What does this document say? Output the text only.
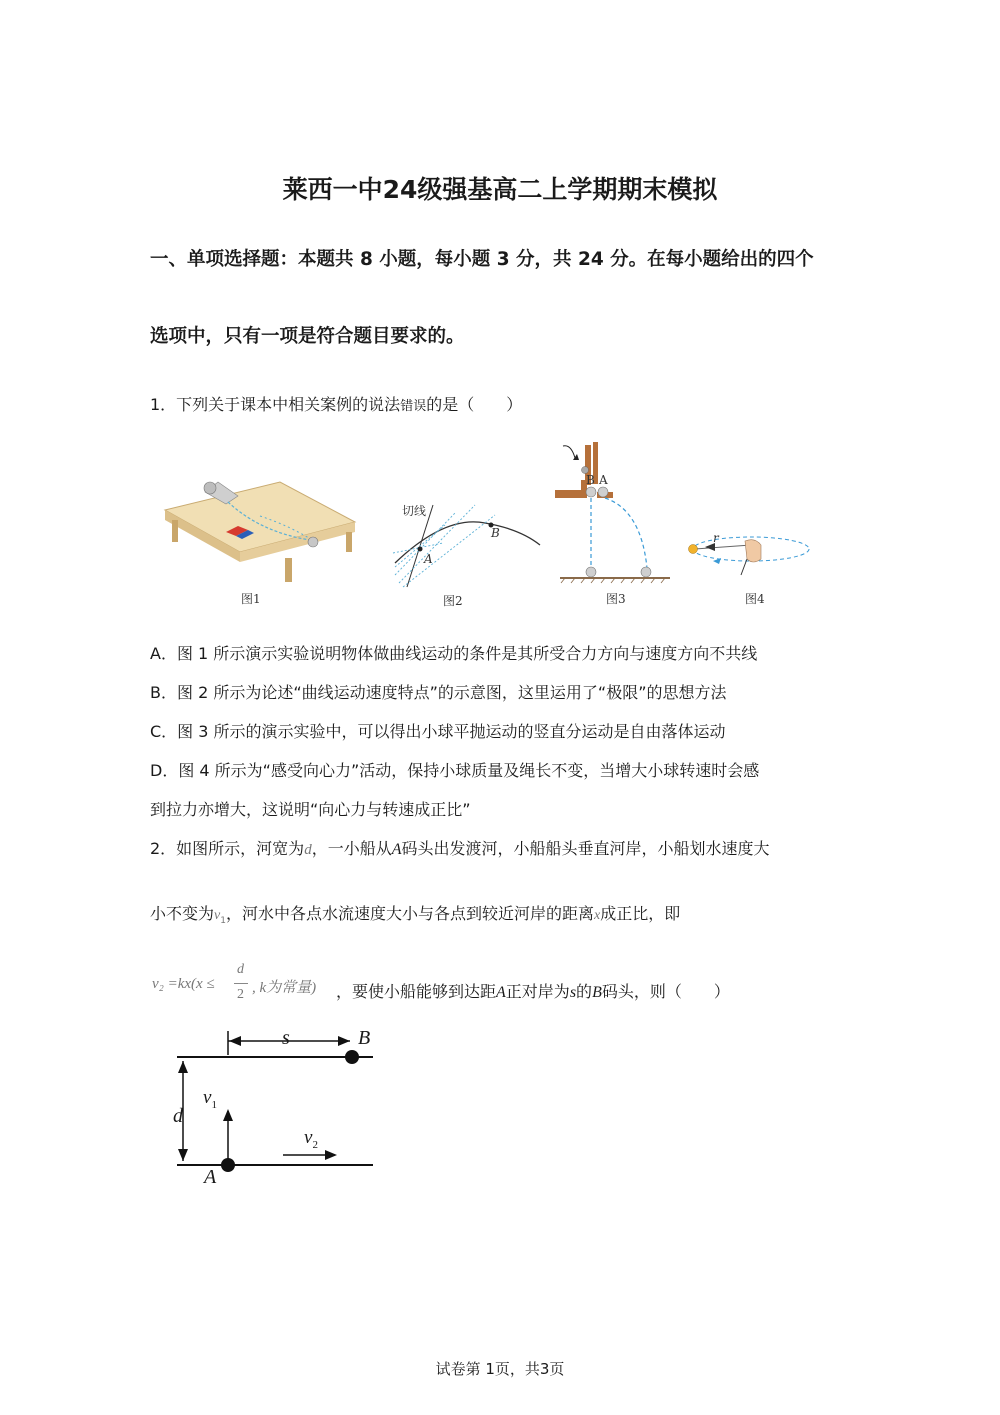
莱西一中24级强基高二上学期期末模拟
一、单项选择题：本题共 8 小题，每小题 3 分，共 24 分。在每小题给出的四个
选项中，只有一项是符合题目要求的。
1．下列关于课本中相关案例的说法错误的是（　　）
图1
切线
A
B
图2
B A
图3
r
图4
A．图 1 所示演示实验说明物体做曲线运动的条件是其所受合力方向与速度方向不共线
B．图 2 所示为论述“曲线运动速度特点”的示意图，这里运用了“极限”的思想方法
C．图 3 所示的演示实验中，可以得出小球平抛运动的竖直分运动是自由落体运动
D．图 4 所示为“感受向心力”活动，保持小球质量及绳长不变，当增大小球转速时会感
到拉力亦增大，这说明“向心力与转速成正比”
2．如图所示，河宽为d，一小船从A码头出发渡河，小船船头垂直河岸，小船划水速度大
小不变为$v_1$，河水中各点水流速度大小与各点到较近河岸的距离x成正比，即
v₂ =kx(x ≤
d
2 , k为常量) ，要使小船能够到达距A正对岸为s的B码头，则（　　）
s	B
d
$v_1$
$v_2$
A
试卷第 1页，共3页
